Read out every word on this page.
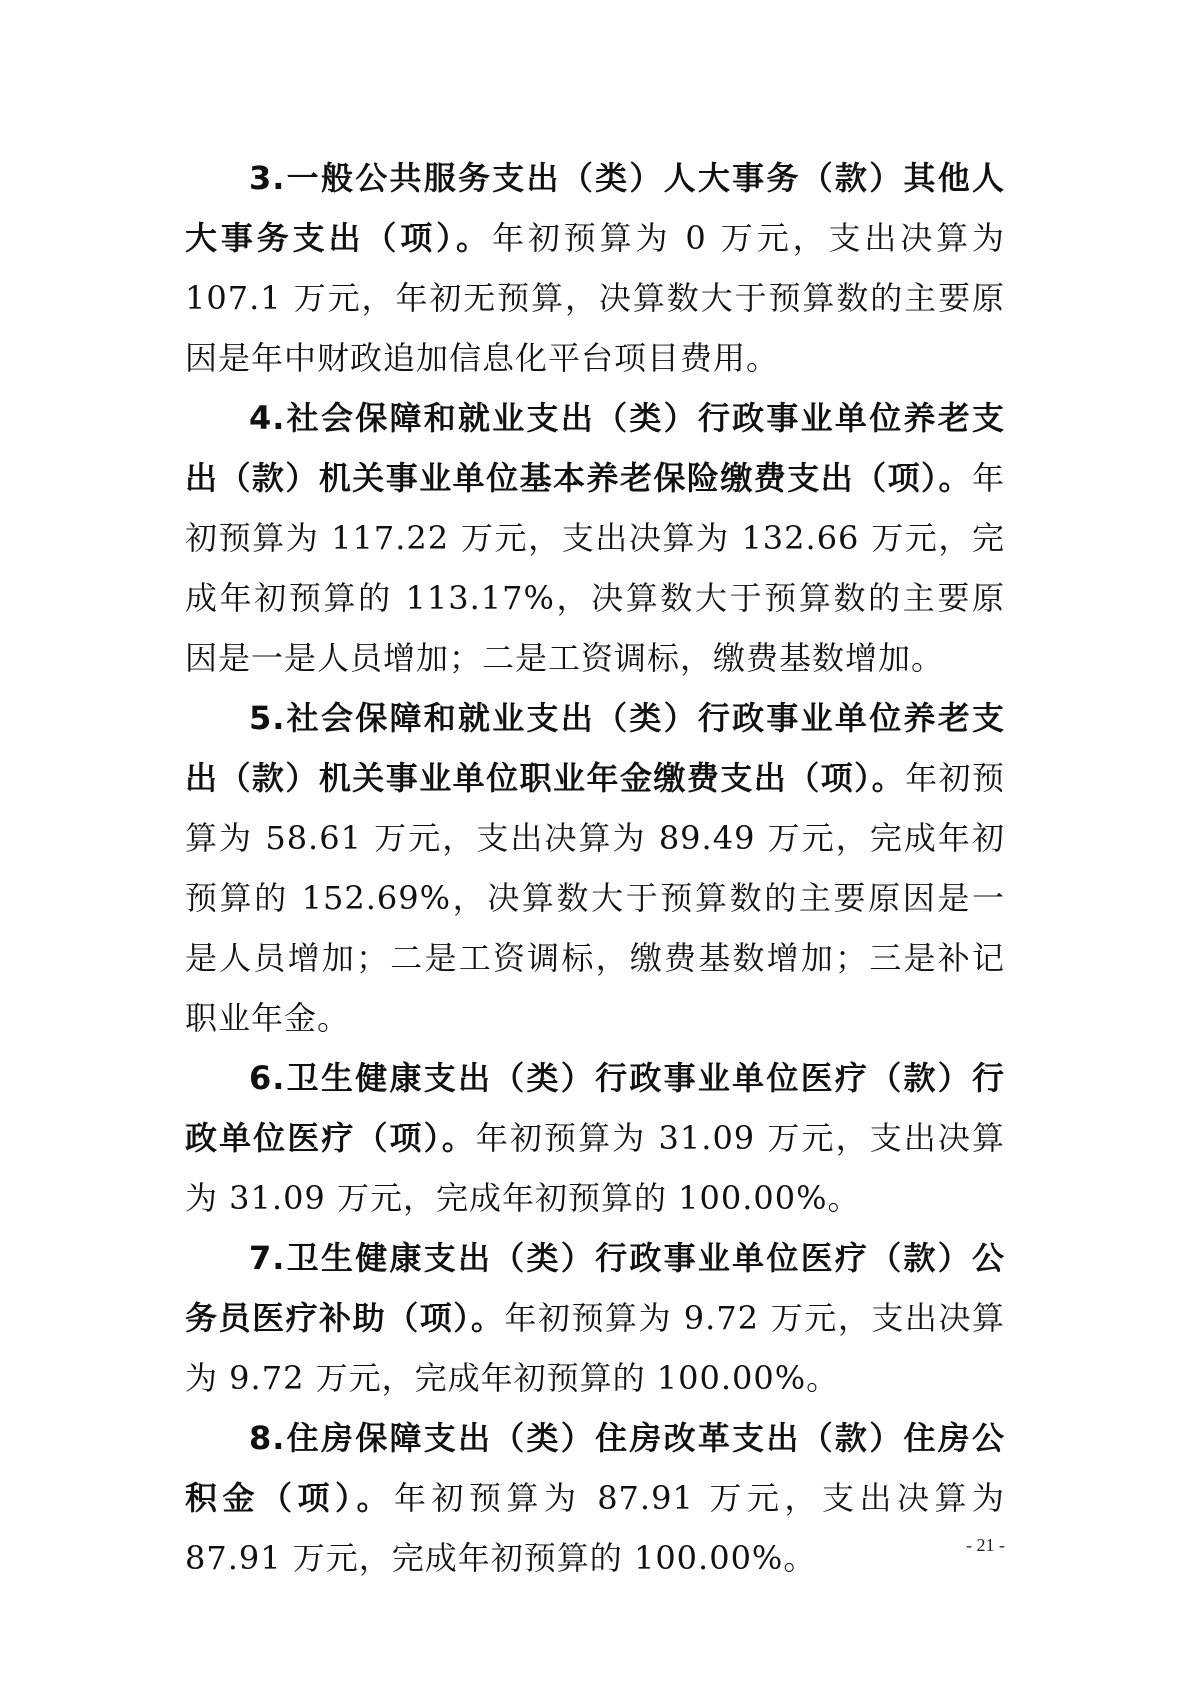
3.一般公共服务支出（类）人大事务（款）其他人大事务支出（项）。年初预算为 0 万元，支出决算为 107.1 万元，年初无预算，决算数大于预算数的主要原因是年中财政追加信息化平台项目费用。

4.社会保障和就业支出（类）行政事业单位养老支出（款）机关事业单位基本养老保险缴费支出（项）。年初预算为 117.22 万元，支出决算为 132.66 万元，完成年初预算的 113.17%，决算数大于预算数的主要原因是一是人员增加；二是工资调标，缴费基数增加。

5.社会保障和就业支出（类）行政事业单位养老支出（款）机关事业单位职业年金缴费支出（项）。年初预算为 58.61 万元，支出决算为 89.49 万元，完成年初预算的 152.69%，决算数大于预算数的主要原因是一是人员增加；二是工资调标，缴费基数增加；三是补记职业年金。

6.卫生健康支出（类）行政事业单位医疗（款）行政单位医疗（项）。年初预算为 31.09 万元，支出决算为 31.09 万元，完成年初预算的 100.00%。

7.卫生健康支出（类）行政事业单位医疗（款）公务员医疗补助（项）。年初预算为 9.72 万元，支出决算为 9.72 万元，完成年初预算的 100.00%。

8.住房保障支出（类）住房改革支出（款）住房公积金（项）。年初预算为 87.91 万元，支出决算为 87.91 万元，完成年初预算的 100.00%。	- 21 -
